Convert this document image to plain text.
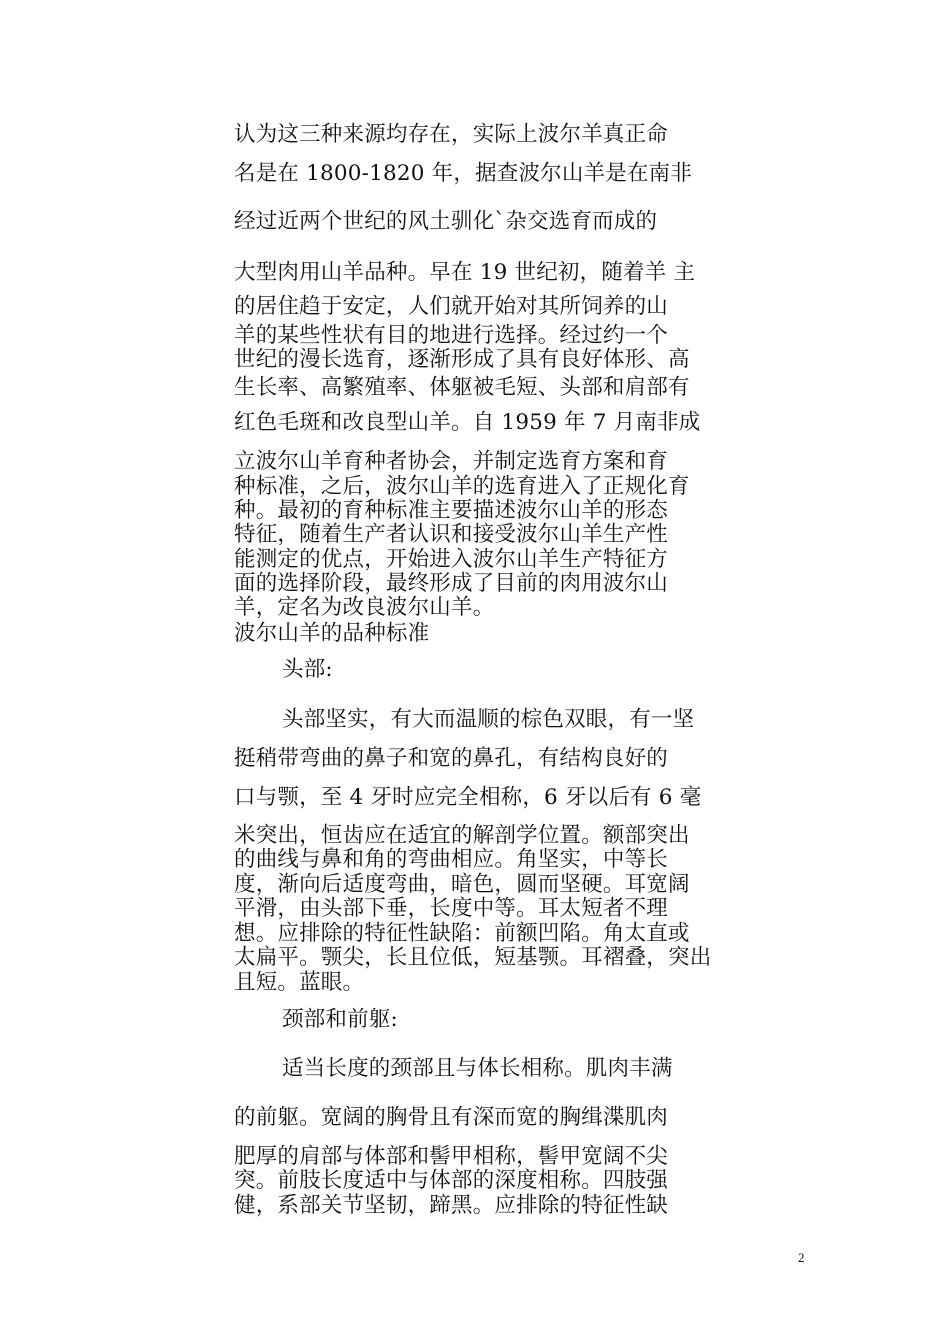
认为这三种来源均存在，实际上波尔羊真正命

名是在 1800-1820 年，据查波尔山羊是在南非

经过近两个世纪的风土驯化`杂交选育而成的

大型肉用山羊品种。早在 19 世纪初，随着羊 主

的居住趋于安定，人们就开始对其所饲养的山

羊的某些性状有目的地进行选择。经过约一个

世纪的漫长选育，逐渐形成了具有良好体形、高

生长率、高繁殖率、体躯被毛短、头部和肩部有

红色毛斑和改良型山羊。自 1959 年 7 月南非成

立波尔山羊育种者协会，并制定选育方案和育

种标准，之后，波尔山羊的选育进入了正规化育

种。最初的育种标准主要描述波尔山羊的形态

特征，随着生产者认识和接受波尔山羊生产性

能测定的优点，开始进入波尔山羊生产特征方

面的选择阶段，最终形成了目前的肉用波尔山

羊，定名为改良波尔山羊。

波尔山羊的品种标准

头部:

头部坚实，有大而温顺的棕色双眼，有一坚

挺稍带弯曲的鼻子和宽的鼻孔，有结构良好的

口与颚，至 4 牙时应完全相称，6 牙以后有 6 毫

米突出，恒齿应在适宜的解剖学位置。额部突出

的曲线与鼻和角的弯曲相应。角坚实，中等长

度，渐向后适度弯曲，暗色，圆而坚硬。耳宽阔

平滑，由头部下垂，长度中等。耳太短者不理

想。应排除的特征性缺陷：前额凹陷。角太直或

太扁平。颚尖，长且位低，短基颚。耳褶叠，突出

且短。蓝眼。

颈部和前躯:

适当长度的颈部且与体长相称。肌肉丰满

的前躯。宽阔的胸骨且有深而宽的胸缉渫肌肉

肥厚的肩部与体部和髻甲相称，髻甲宽阔不尖

突。前肢长度适中与体部的深度相称。四肢强

健，系部关节坚韧，蹄黑。应排除的特征性缺

2
